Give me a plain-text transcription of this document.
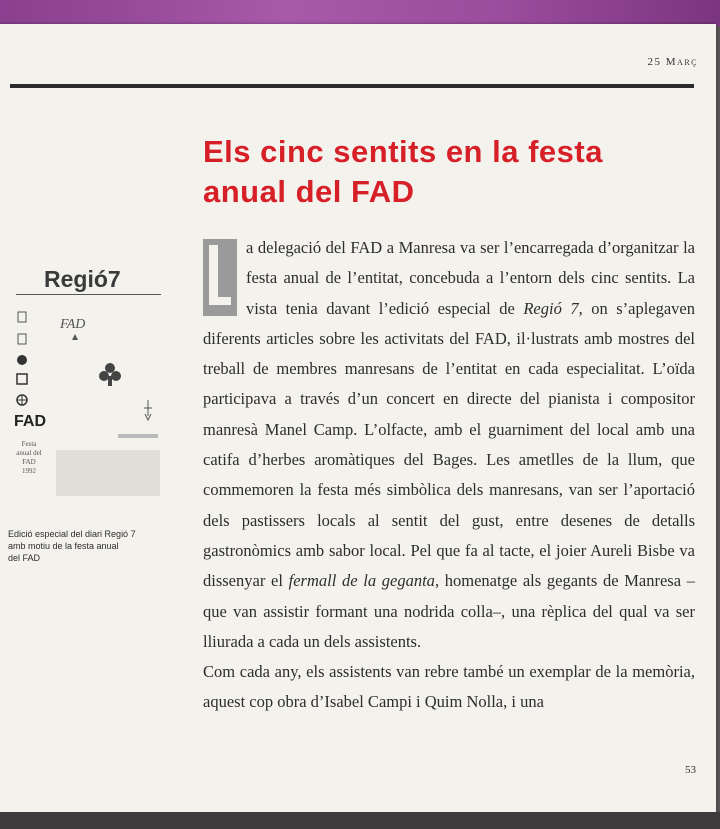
25 Març
Els cinc sentits en la festa
anual del FAD

a delegació del FAD a Manresa va ser l’encarregada d’organitzar la festa anual de l’entitat, concebuda a l’entorn dels cinc sentits. La vista tenia davant l’edició especial de Regió 7, on s’aplegaven diferents articles sobre les activitats del FAD, il·lustrats amb mostres del treball de membres manresans de l’entitat en cada especialitat. L’oïda participava a través d’un concert en directe del pianista i compositor manresà Manel Camp. L’olfacte, amb el guarniment del local amb una catifa d’herbes aromàtiques del Bages. Les ametlles de la llum, que commemoren la festa més simbòlica dels manresans, van ser l’aportació dels pastissers locals al sentit del gust, entre desenes de detalls gastronòmics amb sabor local. Pel que fa al tacte, el joier Aureli Bisbe va dissenyar el fermall de la geganta, homenatge als gegants de Manresa –que van assistir formant una nodrida colla–, una rèplica del qual va ser lliurada a cada un dels assistents.

Com cada any, els assistents van rebre també un exemplar de la memòria, aquest cop obra d’Isabel Campi i Quim Nolla, i una

Regió7
FAD
FAD
Festa
anual del
FAD
1992

Edició especial del diari Regió 7
amb motiu de la festa anual
del FAD

53
